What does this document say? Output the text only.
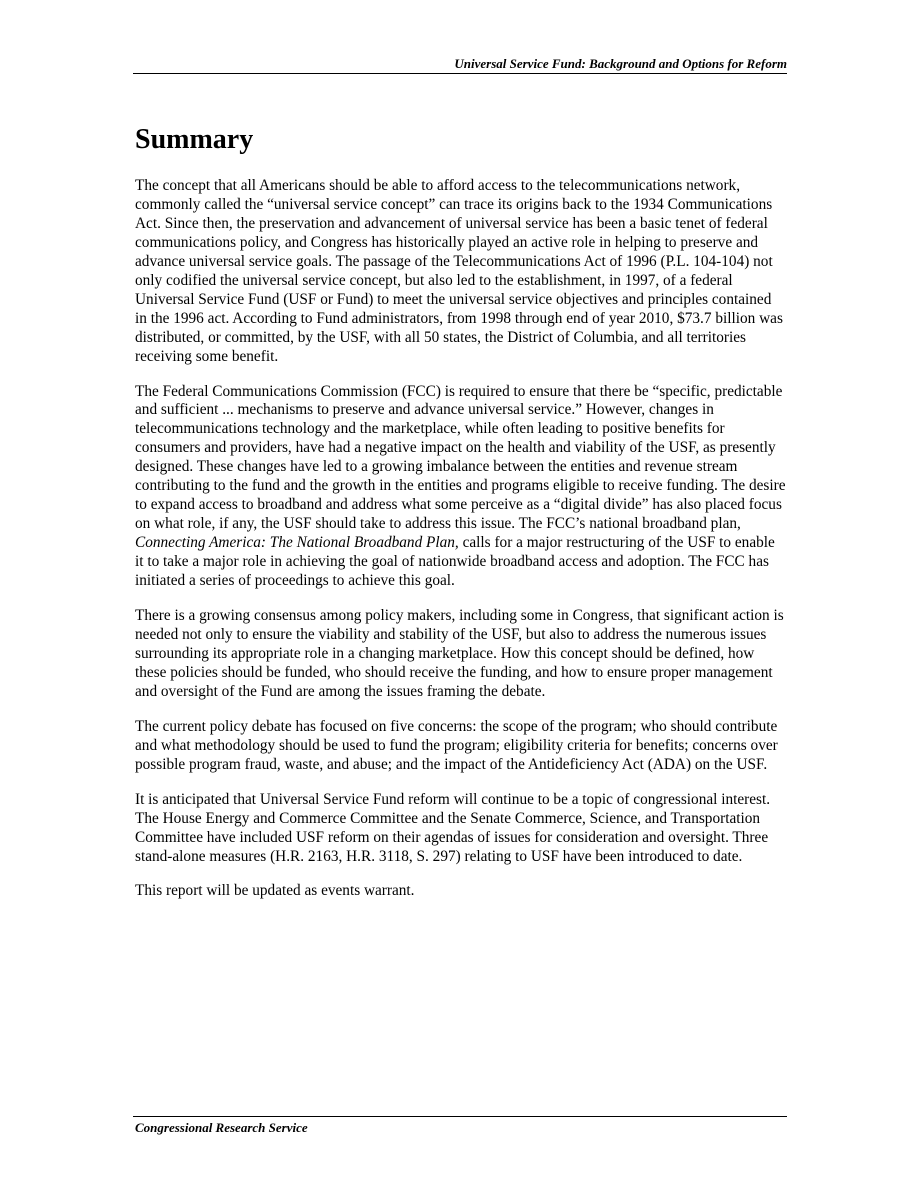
Universal Service Fund: Background and Options for Reform
Summary

The concept that all Americans should be able to afford access to the telecommunications network, commonly called the “universal service concept” can trace its origins back to the 1934 Communications Act. Since then, the preservation and advancement of universal service has been a basic tenet of federal communications policy, and Congress has historically played an active role in helping to preserve and advance universal service goals. The passage of the Telecommunications Act of 1996 (P.L. 104-104) not only codified the universal service concept, but also led to the establishment, in 1997, of a federal Universal Service Fund (USF or Fund) to meet the universal service objectives and principles contained in the 1996 act. According to Fund administrators, from 1998 through end of year 2010, $73.7 billion was distributed, or committed, by the USF, with all 50 states, the District of Columbia, and all territories receiving some benefit.

The Federal Communications Commission (FCC) is required to ensure that there be “specific, predictable and sufficient ... mechanisms to preserve and advance universal service.” However, changes in telecommunications technology and the marketplace, while often leading to positive benefits for consumers and providers, have had a negative impact on the health and viability of the USF, as presently designed. These changes have led to a growing imbalance between the entities and revenue stream contributing to the fund and the growth in the entities and programs eligible to receive funding. The desire to expand access to broadband and address what some perceive as a “digital divide” has also placed focus on what role, if any, the USF should take to address this issue. The FCC’s national broadband plan, Connecting America: The National Broadband Plan, calls for a major restructuring of the USF to enable it to take a major role in achieving the goal of nationwide broadband access and adoption. The FCC has initiated a series of proceedings to achieve this goal.

There is a growing consensus among policy makers, including some in Congress, that significant action is needed not only to ensure the viability and stability of the USF, but also to address the numerous issues surrounding its appropriate role in a changing marketplace. How this concept should be defined, how these policies should be funded, who should receive the funding, and how to ensure proper management and oversight of the Fund are among the issues framing the debate.

The current policy debate has focused on five concerns: the scope of the program; who should contribute and what methodology should be used to fund the program; eligibility criteria for benefits; concerns over possible program fraud, waste, and abuse; and the impact of the Antideficiency Act (ADA) on the USF.

It is anticipated that Universal Service Fund reform will continue to be a topic of congressional interest. The House Energy and Commerce Committee and the Senate Commerce, Science, and Transportation Committee have included USF reform on their agendas of issues for consideration and oversight. Three stand-alone measures (H.R. 2163, H.R. 3118, S. 297) relating to USF have been introduced to date.

This report will be updated as events warrant.

Congressional Research Service
